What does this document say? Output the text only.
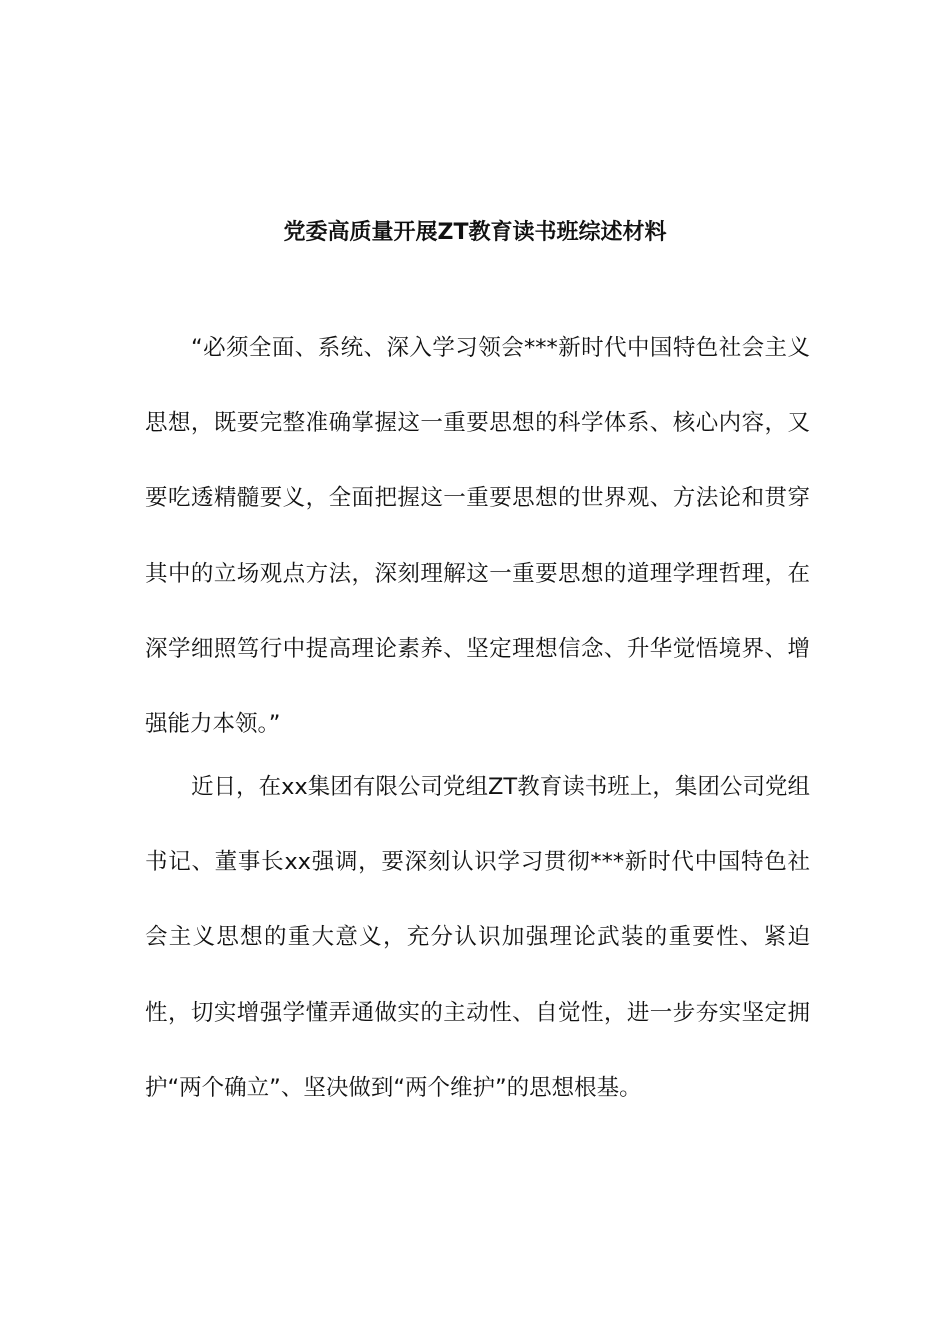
党委高质量开展ZT教育读书班综述材料

“必须全面、系统、深入学习领会***新时代中国特色社会主义思想，既要完整准确掌握这一重要思想的科学体系、核心内容，又要吃透精髓要义，全面把握这一重要思想的世界观、方法论和贯穿其中的立场观点方法，深刻理解这一重要思想的道理学理哲理，在深学细照笃行中提高理论素养、坚定理想信念、升华觉悟境界、增强能力本领。”

近日，在xx集团有限公司党组ZT教育读书班上，集团公司党组书记、董事长xx强调，要深刻认识学习贯彻***新时代中国特色社会主义思想的重大意义，充分认识加强理论武装的重要性、紧迫性，切实增强学懂弄通做实的主动性、自觉性，进一步夯实坚定拥护“两个确立”、坚决做到“两个维护”的思想根基。
